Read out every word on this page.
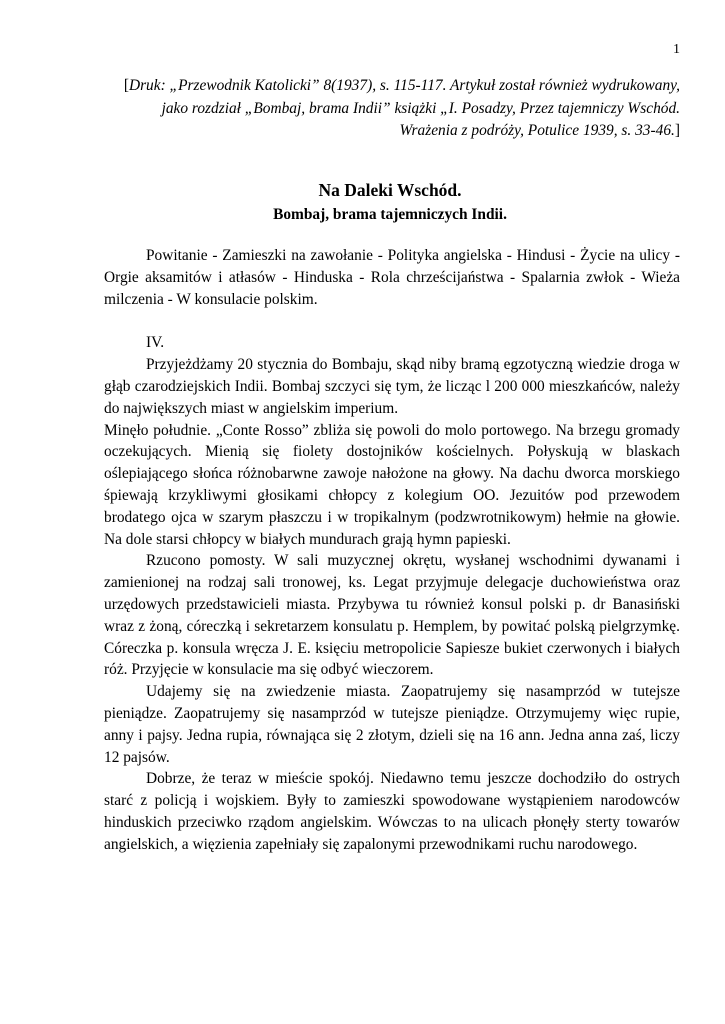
1
[Druk: „Przewodnik Katolicki” 8(1937), s. 115-117. Artykuł został również wydrukowany, jako rozdział „Bombaj, brama Indii” książki „I. Posadzy, Przez tajemniczy Wschód. Wrażenia z podróży, Potulice 1939, s. 33-46.]
Na Daleki Wschód.
Bombaj, brama tajemniczych Indii.

Powitanie - Zamieszki na zawołanie - Polityka angielska - Hindusi - Życie na ulicy - Orgie aksamitów i atłasów - Hinduska - Rola chrześcijaństwa - Spalarnia zwłok - Wieża milczenia - W konsulacie polskim.

IV.

Przyjeżdżamy 20 stycznia do Bombaju, skąd niby bramą egzotyczną wiedzie droga w głąb czarodziejskich Indii. Bombaj szczyci się tym, że licząc l 200 000 mieszkańców, należy do największych miast w angielskim imperium.

Minęło południe. „Conte Rosso” zbliża się powoli do molo portowego. Na brzegu gromady oczekujących. Mienią się fiolety dostojników kościelnych. Połyskują w blaskach oślepiającego słońca różnobarwne zawoje nałożone na głowy. Na dachu dworca morskiego śpiewają krzykliwymi głosikami chłopcy z kolegium OO. Jezuitów pod przewodem brodatego ojca w szarym płaszczu i w tropikalnym (podzwrotnikowym) hełmie na głowie. Na dole starsi chłopcy w białych mundurach grają hymn papieski.

Rzucono pomosty. W sali muzycznej okrętu, wysłanej wschodnimi dywanami i zamienionej na rodzaj sali tronowej, ks. Legat przyjmuje delegacje duchowieństwa oraz urzędowych przedstawicieli miasta. Przybywa tu również konsul polski p. dr Banasiński wraz z żoną, córeczką i sekretarzem konsulatu p. Hemplem, by powitać polską pielgrzymkę. Córeczka p. konsula wręcza J. E. księciu metropolicie Sapiesze bukiet czerwonych i białych róż. Przyjęcie w konsulacie ma się odbyć wieczorem.

Udajemy się na zwiedzenie miasta. Zaopatrujemy się nasamprzód w tutejsze pieniądze. Zaopatrujemy się nasamprzód w tutejsze pieniądze. Otrzymujemy więc rupie, anny i pajsy. Jedna rupia, równająca się 2 złotym, dzieli się na 16 ann. Jedna anna zaś, liczy 12 pajsów.

Dobrze, że teraz w mieście spokój. Niedawno temu jeszcze dochodziło do ostrych starć z policją i wojskiem. Były to zamieszki spowodowane wystąpieniem narodowców hinduskich przeciwko rządom angielskim. Wówczas to na ulicach płonęły sterty towarów angielskich, a więzienia zapełniały się zapalonymi przewodnikami ruchu narodowego.
